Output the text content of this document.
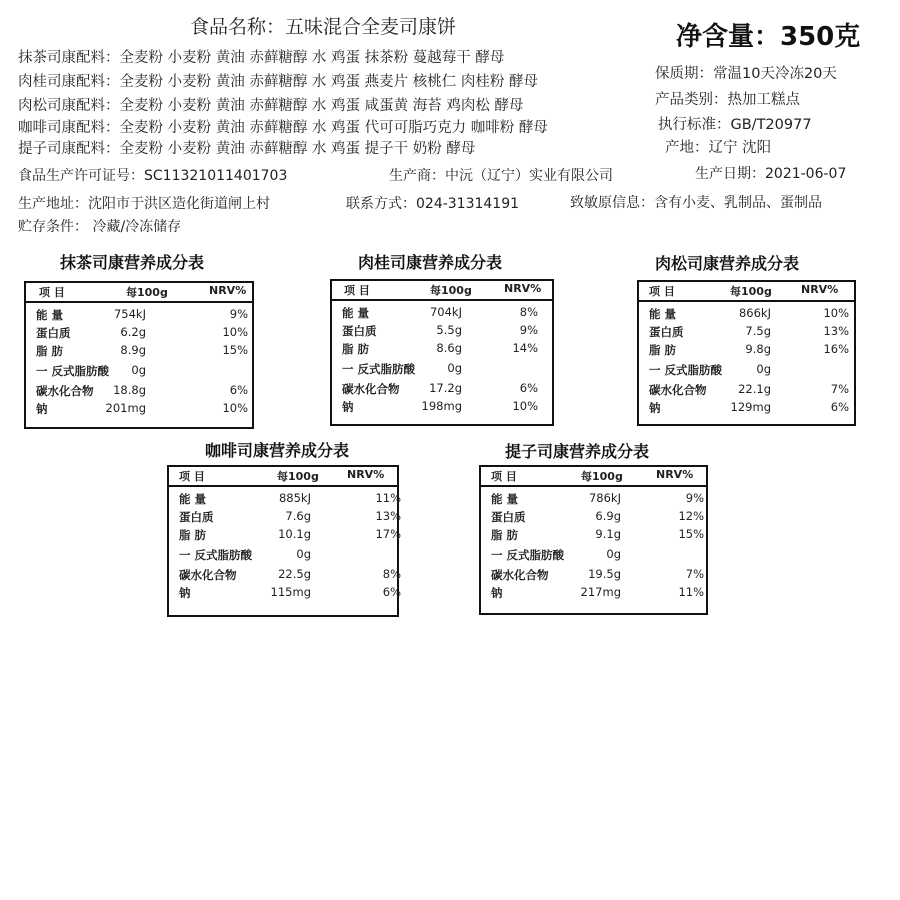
食品名称：五味混合全麦司康饼	净含量：350克
抹茶司康配料：全麦粉 小麦粉 黄油 赤藓糖醇 水 鸡蛋 抹茶粉 蔓越莓干 酵母
肉桂司康配料：全麦粉 小麦粉 黄油 赤藓糖醇 水 鸡蛋 燕麦片 核桃仁 肉桂粉 酵母
肉松司康配料：全麦粉 小麦粉 黄油 赤藓糖醇 水 鸡蛋 咸蛋黄 海苔 鸡肉松 酵母
咖啡司康配料：全麦粉 小麦粉 黄油 赤藓糖醇 水 鸡蛋 代可可脂巧克力 咖啡粉 酵母
提子司康配料：全麦粉 小麦粉 黄油 赤藓糖醇 水 鸡蛋 提子干 奶粉 酵母
保质期：常温10天冷冻20天
产品类别：热加工糕点
执行标准：GB/T20977
产地：辽宁 沈阳
食品生产许可证号：SC11321011401703	生产商：中沅（辽宁）实业有限公司	生产日期：2021-06-07
生产地址：沈阳市于洪区造化街道闸上村	联系方式：024-31314191	致敏原信息：含有小麦、乳制品、蛋制品
贮存条件： 冷藏/冷冻储存
抹茶司康营养成分表
项 目	每100g	NRV%
能 量	754kJ	9%
蛋白质	6.2g	10%
脂 肪	8.9g	15%
一 反式脂肪酸	0g
碳水化合物	18.8g	6%
钠	201mg	10%
肉桂司康营养成分表
项 目	每100g	NRV%
能 量	704kJ	8%
蛋白质	5.5g	9%
脂 肪	8.6g	14%
一 反式脂肪酸	0g
碳水化合物	17.2g	6%
钠	198mg	10%
肉松司康营养成分表
项 目	每100g	NRV%
能 量	866kJ	10%
蛋白质	7.5g	13%
脂 肪	9.8g	16%
一 反式脂肪酸	0g
碳水化合物	22.1g	7%
钠	129mg	6%
咖啡司康营养成分表
项 目	每100g	NRV%
能 量	885kJ	11%
蛋白质	7.6g	13%
脂 肪	10.1g	17%
一 反式脂肪酸	0g
碳水化合物	22.5g	8%
钠	115mg	6%
提子司康营养成分表
项 目	每100g	NRV%
能 量	786kJ	9%
蛋白质	6.9g	12%
脂 肪	9.1g	15%
一 反式脂肪酸	0g
碳水化合物	19.5g	7%
钠	217mg	11%
